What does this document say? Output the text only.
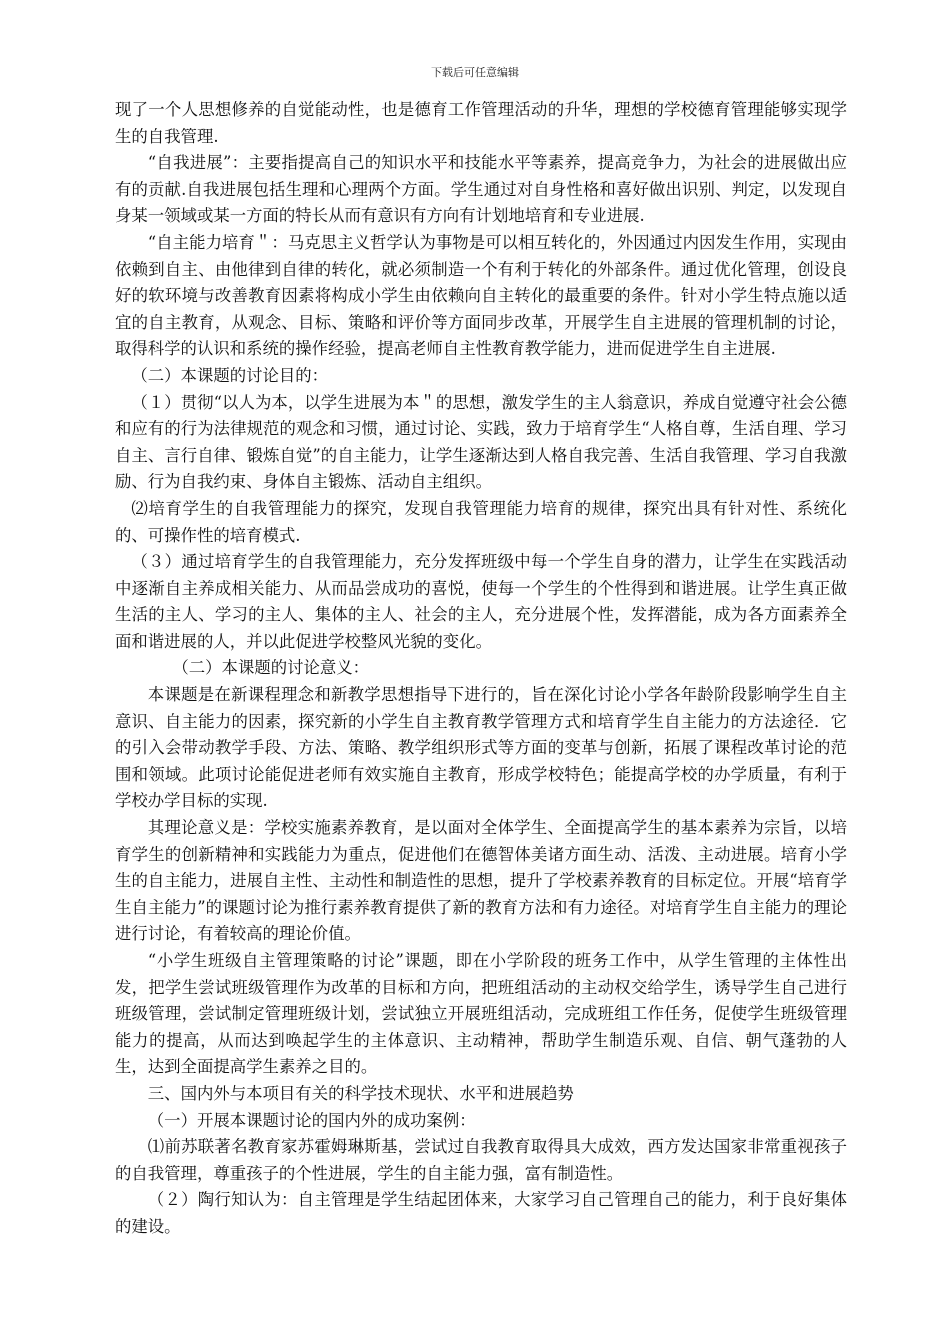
下载后可任意编辑

现了一个人思想修养的自觉能动性，也是德育工作管理活动的升华，理想的学校德育管理能够实现学生的自我管理.

“自我进展”：主要指提高自己的知识水平和技能水平等素养，提高竞争力，为社会的进展做出应有的贡献.自我进展包括生理和心理两个方面。学生通过对自身性格和喜好做出识别、判定，以发现自身某一领域或某一方面的特长从而有意识有方向有计划地培育和专业进展.

“自主能力培育＂：马克思主义哲学认为事物是可以相互转化的，外因通过内因发生作用，实现由依赖到自主、由他律到自律的转化，就必须制造一个有利于转化的外部条件。通过优化管理，创设良好的软环境与改善教育因素将构成小学生由依赖向自主转化的最重要的条件。针对小学生特点施以适宜的自主教育，从观念、目标、策略和评价等方面同步改革，开展学生自主进展的管理机制的讨论，取得科学的认识和系统的操作经验，提高老师自主性教育教学能力，进而促进学生自主进展.

（二）本课题的讨论目的：

（１）贯彻“以人为本，以学生进展为本＂的思想，激发学生的主人翁意识，养成自觉遵守社会公德和应有的行为法律规范的观念和习惯，通过讨论、实践，致力于培育学生“人格自尊，生活自理、学习自主、言行自律、锻炼自觉”的自主能力，让学生逐渐达到人格自我完善、生活自我管理、学习自我激励、行为自我约束、身体自主锻炼、活动自主组织。

⑵培育学生的自我管理能力的探究，发现自我管理能力培育的规律，探究出具有针对性、系统化的、可操作性的培育模式.

（３）通过培育学生的自我管理能力，充分发挥班级中每一个学生自身的潜力，让学生在实践活动中逐渐自主养成相关能力、从而品尝成功的喜悦，使每一个学生的个性得到和谐进展。让学生真正做生活的主人、学习的主人、集体的主人、社会的主人，充分进展个性，发挥潜能，成为各方面素养全面和谐进展的人，并以此促进学校整风光貌的变化。

（二）本课题的讨论意义：

本课题是在新课程理念和新教学思想指导下进行的，旨在深化讨论小学各年龄阶段影响学生自主意识、自主能力的因素，探究新的小学生自主教育教学管理方式和培育学生自主能力的方法途径．它的引入会带动教学手段、方法、策略、教学组织形式等方面的变革与创新，拓展了课程改革讨论的范围和领域。此项讨论能促进老师有效实施自主教育，形成学校特色；能提高学校的办学质量，有利于学校办学目标的实现.

其理论意义是：学校实施素养教育，是以面对全体学生、全面提高学生的基本素养为宗旨，以培育学生的创新精神和实践能力为重点，促进他们在德智体美诸方面生动、活泼、主动进展。培育小学生的自主能力，进展自主性、主动性和制造性的思想，提升了学校素养教育的目标定位。开展“培育学生自主能力”的课题讨论为推行素养教育提供了新的教育方法和有力途径。对培育学生自主能力的理论进行讨论，有着较高的理论价值。

“小学生班级自主管理策略的讨论”课题，即在小学阶段的班务工作中，从学生管理的主体性出发，把学生尝试班级管理作为改革的目标和方向，把班组活动的主动权交给学生，诱导学生自己进行班级管理，尝试制定管理班级计划，尝试独立开展班组活动，完成班组工作任务，促使学生班级管理能力的提高，从而达到唤起学生的主体意识、主动精神，帮助学生制造乐观、自信、朝气蓬勃的人生，达到全面提高学生素养之目的。

三、国内外与本项目有关的科学技术现状、水平和进展趋势

（一）开展本课题讨论的国内外的成功案例：

⑴前苏联著名教育家苏霍姆琳斯基，尝试过自我教育取得具大成效，西方发达国家非常重视孩子的自我管理，尊重孩子的个性进展，学生的自主能力强，富有制造性。

（２）陶行知认为：自主管理是学生结起团体来，大家学习自己管理自己的能力，利于良好集体的建设。
